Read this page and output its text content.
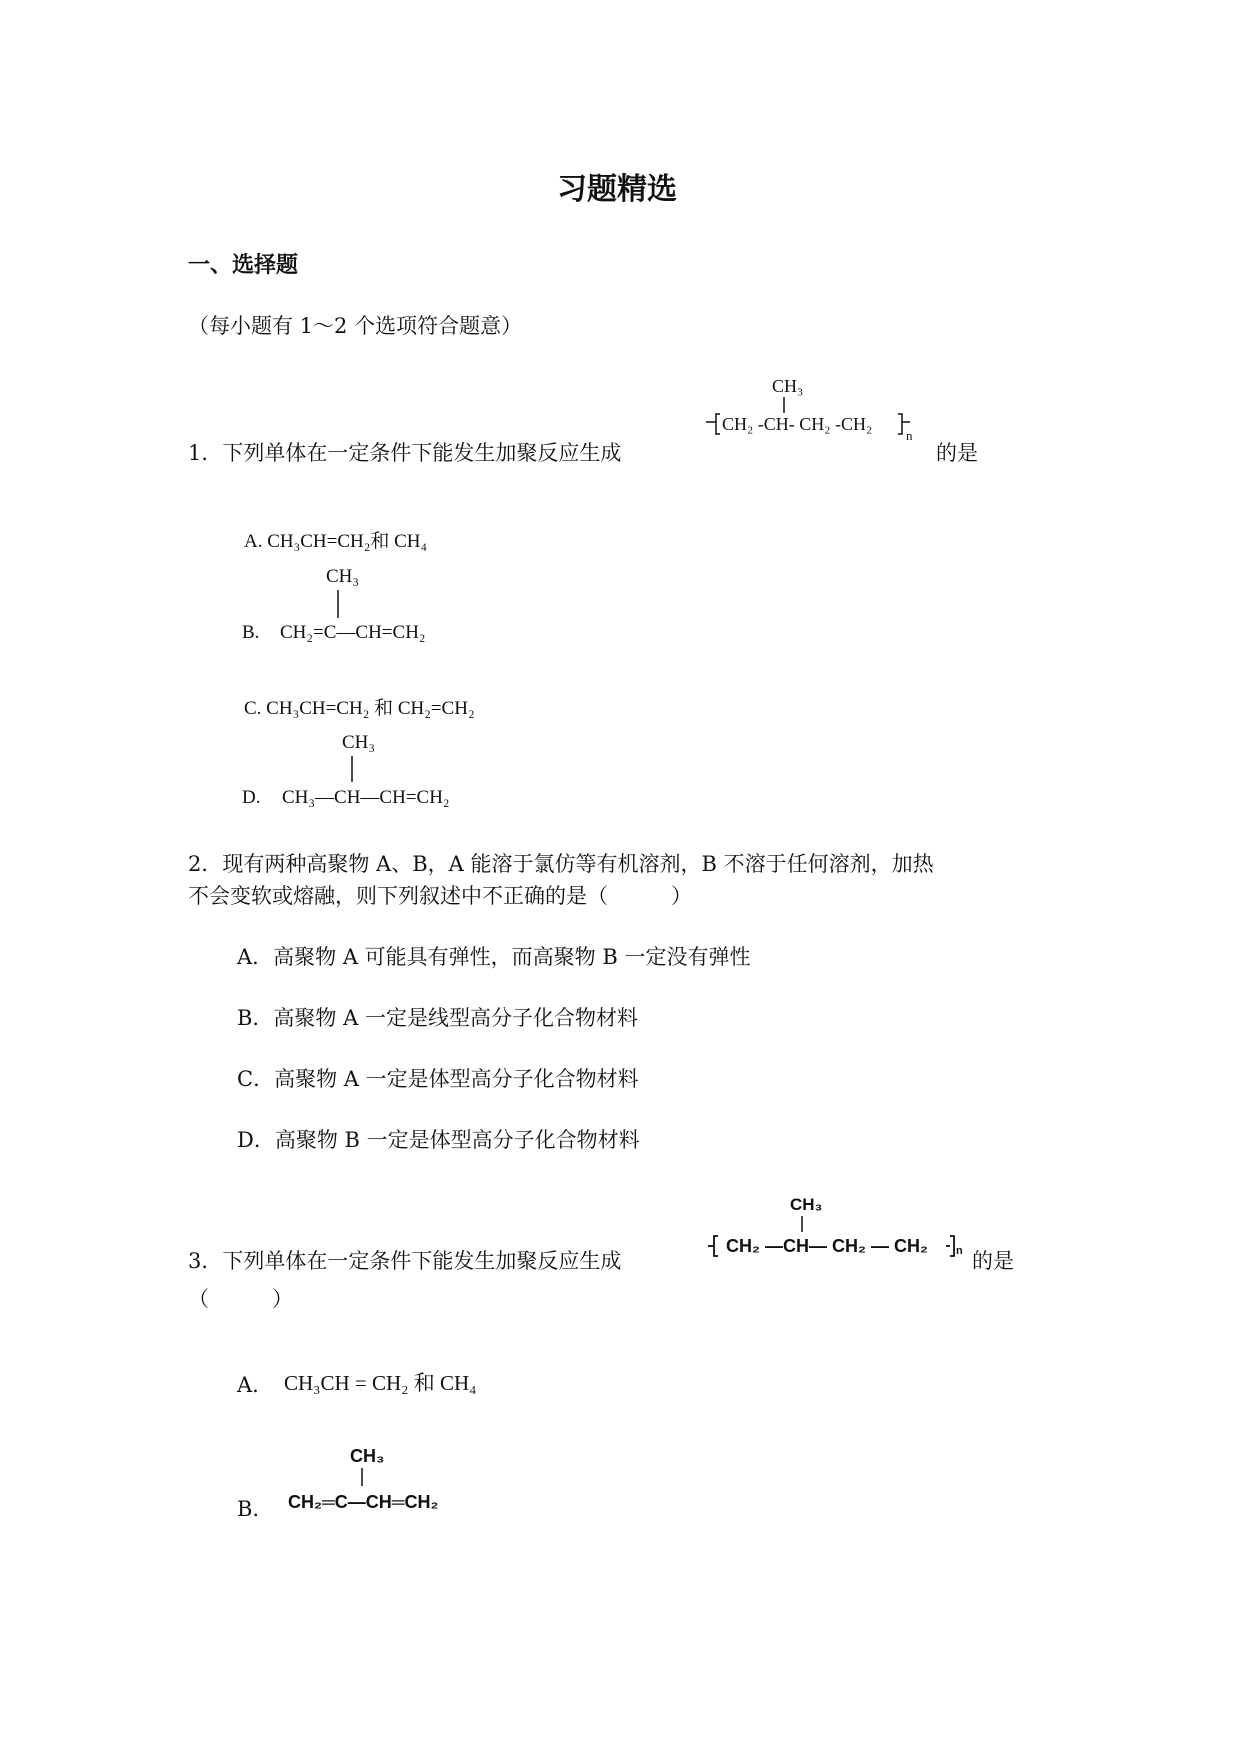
习题精选
一、选择题
（每小题有 1～2 个选项符合题意）
1．下列单体在一定条件下能发生加聚反应生成
CH₃
CH₂ -CH- CH₂ -CH₂
n
的是
A. CH₃CH=CH₂和 CH₄
B.
CH₃
CH₂=C—CH=CH₂
C. CH₃CH=CH₂ 和 CH₂=CH₂
D.
CH₃
CH₃—CH—CH=CH₂
2．现有两种高聚物 A、B，A 能溶于氯仿等有机溶剂，B 不溶于任何溶剂，加热
不会变软或熔融，则下列叙述中不正确的是（　　　）
A．高聚物 A 可能具有弹性，而高聚物 B 一定没有弹性
B．高聚物 A 一定是线型高分子化合物材料
C．高聚物 A 一定是体型高分子化合物材料
D．高聚物 B 一定是体型高分子化合物材料
3．下列单体在一定条件下能发生加聚反应生成
CH₃
CH₂ —CH— CH₂ — CH₂	n 的是
（　　　）
A. CH₃CH = CH₂ 和 CH₄
B.
CH₃
CH₂═C—CH═CH₂
